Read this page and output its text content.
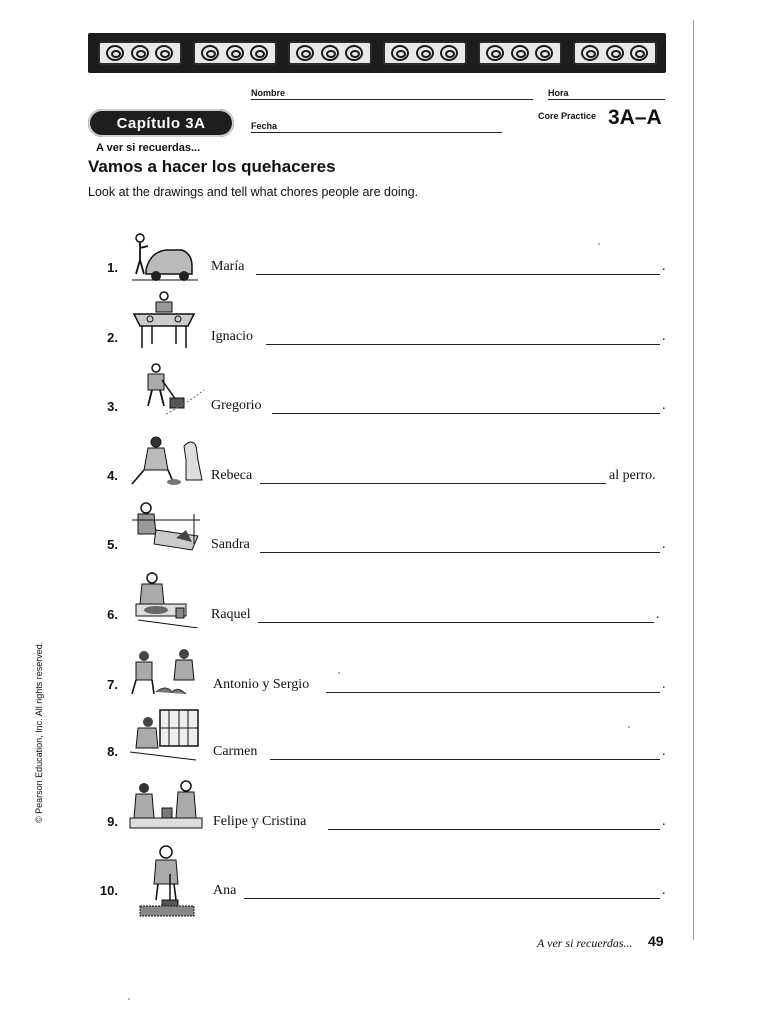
Nombre	Hora
Capítulo 3A	Fecha
Core Practice 3A–A
A ver si recuerdas...
Vamos a hacer los quehaceres
Look at the drawings and tell what chores people are doing.
1.	María	.
2.	Ignacio	.
3.	Gregorio	.
4.	Rebeca	al perro.
5.	Sandra	.
6.	Raquel	.
7.	Antonio y Sergio	.
8.	Carmen	.
9.	Felipe y Cristina	.
10.	Ana	.
© Pearson Education, Inc. All rights reserved.
A ver si recuerdas... 49
